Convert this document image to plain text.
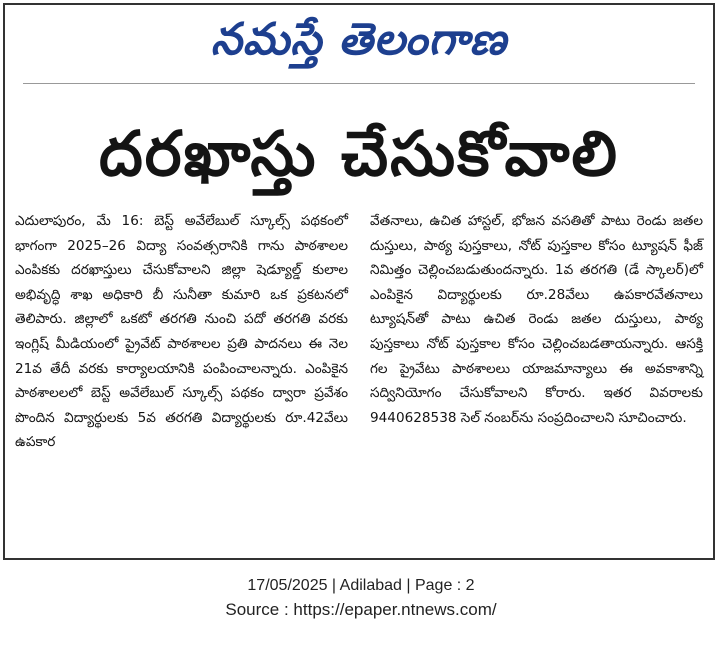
నమస్తే తెలంగాణ
దరఖాస్తు చేసుకోవాలి

ఎదులాపురం, మే 16: బెస్ట్ అవేలేబుల్ స్కూల్స్ పథకంలో భాగంగా 2025–26 విద్యా సంవత్సరానికి గాను పాఠశాలల ఎంపికకు దరఖాస్తులు చేసుకోవాలని జిల్లా షెడ్యూల్డ్ కులాల అభివృద్ధి శాఖ అధికారి బీ సునీతా కుమారి ఒక ప్రకటనలో తెలిపారు. జిల్లాలో ఒకటో తరగతి నుంచి పదో తరగతి వరకు ఇంగ్లిష్ మీడియంలో ప్రైవేట్ పాఠశాలల ప్రతి పాదనలు ఈ నెల 21వ తేదీ వరకు కార్యాలయానికి పంపించాలన్నారు. ఎంపికైన పాఠశాలలలో బెస్ట్ అవేలేబుల్ స్కూల్స్ పథకం ద్వారా ప్రవేశం పొందిన విద్యార్థులకు 5వ తరగతి విద్యార్థులకు రూ.42వేలు ఉపకార

వేతనాలు, ఉచిత హాస్టల్, భోజన వసతితో పాటు రెండు జతల దుస్తులు, పాఠ్య పుస్తకాలు, నోట్ పుస్తకాల కోసం ట్యూషన్ ఫీజ్ నిమిత్తం చెల్లించబడుతుందన్నారు. 1వ తరగతి (డే స్కాలర్)లో ఎంపికైన విద్యార్థులకు రూ.28వేలు ఉపకారవేతనాలు ట్యూషన్‌తో పాటు ఉచిత రెండు జతల దుస్తులు, పాఠ్య పుస్తకాలు నోట్ పుస్తకాల కోసం చెల్లించబడతాయన్నారు. ఆసక్తి గల ప్రైవేటు పాఠశాలలు యాజమాన్యాలు ఈ అవకాశాన్ని సద్వినియోగం చేసుకోవాలని కోరారు. ఇతర వివరాలకు 9440628538 సెల్ నంబర్‌ను సంప్రదించాలని సూచించారు.

17/05/2025 | Adilabad | Page : 2
Source : https://epaper.ntnews.com/
